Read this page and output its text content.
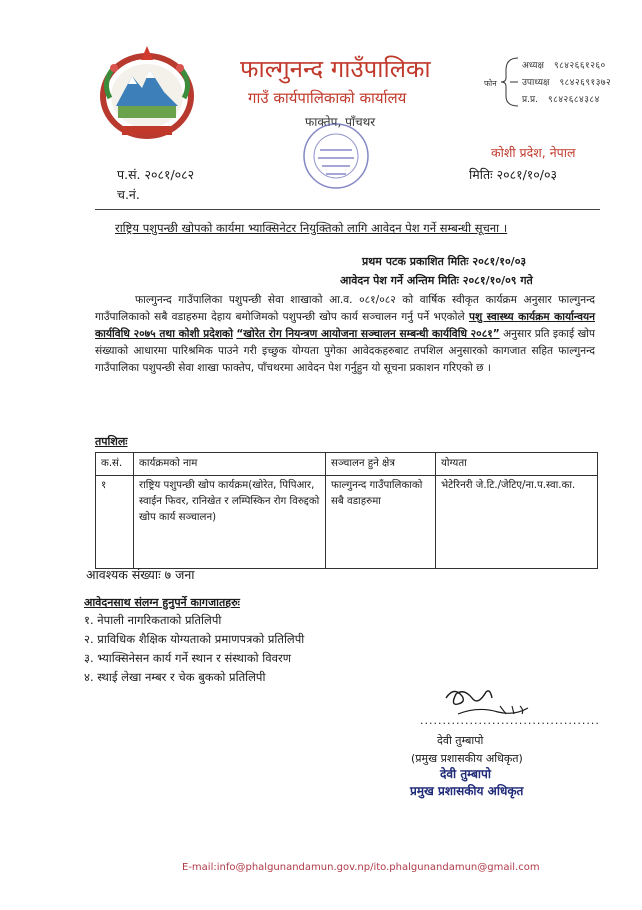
फाल्गुनन्द गाउँपालिका
गाउँ कार्यपालिकाको कार्यालय
फाक्तेप, पाँचथर
फोन
अध्यक्ष ९८४२६६१२६०
उपाध्यक्ष ९८४२६९१३७२
प्र.प्र. ९८४२६८४३८४
कोशी प्रदेश, नेपाल
मितिः २०८१/१०/०३
प.सं. २०८१/०८२
च.नं.
राष्ट्रिय पशुपन्छी खोपको कार्यमा भ्याक्सिनेटर नियुक्तिको लागि आवेदन पेश गर्ने सम्बन्धी सूचना ।
प्रथम पटक प्रकाशित मितिः २०८१/१०/०३
आवेदन पेश गर्ने अन्तिम मितिः २०८१/१०/०९ गते
फाल्गुनन्द गाउँपालिका पशुपन्छी सेवा शाखाको आ.व. ०८१/०८२ को वार्षिक स्वीकृत कार्यक्रम अनुसार फाल्गुनन्द गाउँपालिकाको सबै वडाहरुमा देहाय बमोजिमको पशुपन्छी खोप कार्य सञ्चालन गर्नु पर्ने भएकोले पशु स्वास्थ्य कार्यक्रम कार्यान्वयन कार्यविधि २०७५ तथा कोशी प्रदेशको “खोरेत रोग नियन्त्रण आयोजना सञ्चालन सम्बन्धी कार्यविधि २०८१” अनुसार प्रति इकाई खोप संख्याको आधारमा पारिश्रमिक पाउने गरी इच्छुक योग्यता पुगेका आवेदकहरुबाट तपशिल अनुसारको कागजात सहित फाल्गुनन्द गाउँपालिका पशुपन्छी सेवा शाखा फाक्तेप, पाँचथरमा आवेदन पेश गर्नुहुन यो सूचना प्रकाशन गरिएको छ ।
तपशिलः
क.सं.	कार्यक्रमको नाम	सञ्चालन हुने क्षेत्र	योग्यता
१	राष्ट्रिय पशुपन्छी खोप कार्यक्रम(खोरेत, पिपिआर, स्वाईन फिवर, रानिखेत र लम्पिस्किन रोग विरुद्दको खोप कार्य सञ्चालन)	फाल्गुनन्द गाउँपालिकाको सबै वडाहरुमा	भेटेरिनरी जे.टि./जेटिए/ना.प.स्वा.का.
आवश्यक संख्याः ७ जना
आवेदनसाथ संलग्न हुनुपर्ने कागजातहरुः
१. नेपाली नागरिकताको प्रतिलिपी
२. प्राविधिक शैक्षिक योग्यताको प्रमाणपत्रको प्रतिलिपी
३. भ्याक्सिनेसन कार्य गर्ने स्थान र संस्थाको विवरण
४. स्थाई लेखा नम्बर र चेक बुकको प्रतिलिपी
........................................
देवी तुम्बापो
(प्रमुख प्रशासकीय अधिकृत)
देवी तुम्बापो
प्रमुख प्रशासकीय अधिकृत
E-mail:info@phalgunandamun.gov.np/ito.phalgunandamun@gmail.com
